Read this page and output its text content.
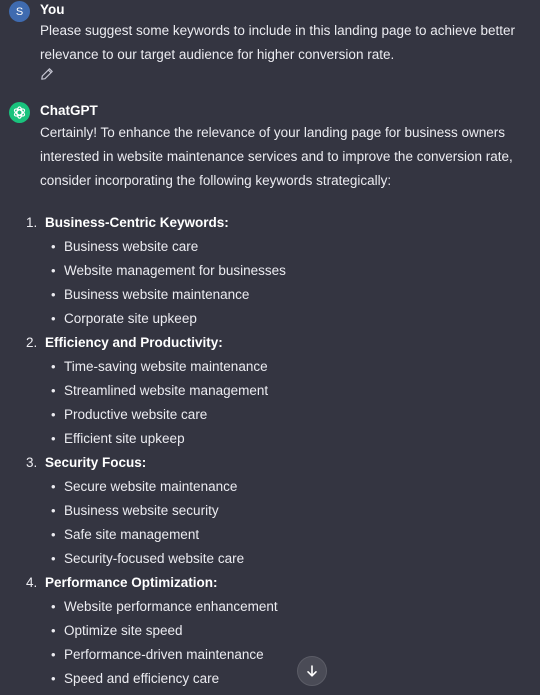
S You
Please suggest some keywords to include in this landing page to achieve better relevance to our target audience for higher conversion rate.
ChatGPT
Certainly! To enhance the relevance of your landing page for business owners interested in website maintenance services and to improve the conversion rate, consider incorporating the following keywords strategically:
1. Business-Centric Keywords:
• Business website care
• Website management for businesses
• Business website maintenance
• Corporate site upkeep
2. Efficiency and Productivity:
• Time-saving website maintenance
• Streamlined website management
• Productive website care
• Efficient site upkeep
3. Security Focus:
• Secure website maintenance
• Business website security
• Safe site management
• Security-focused website care
4. Performance Optimization:
• Website performance enhancement
• Optimize site speed
• Performance-driven maintenance
• Speed and efficiency care
